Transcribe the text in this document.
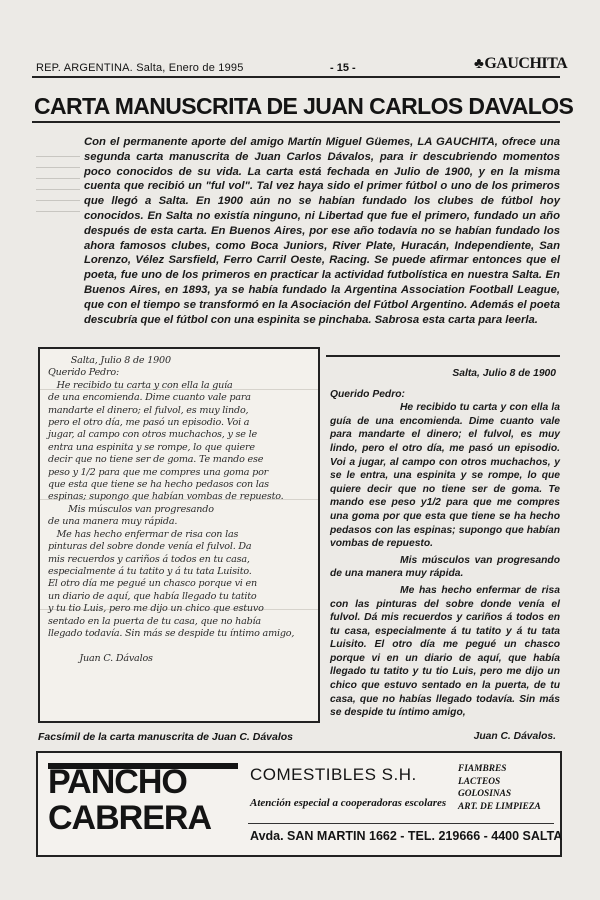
REP. ARGENTINA. Salta, Enero de 1995	- 15 -	♣GAUCHITA
CARTA MANUSCRITA DE JUAN CARLOS DAVALOS
Con el permanente aporte del amigo Martín Miguel Güemes, LA GAUCHITA, ofrece una segunda carta manuscrita de Juan Carlos Dávalos, para ir descubriendo momentos poco conocidos de su vida. La carta está fechada en Julio de 1900, y en la misma cuenta que recibió un "ful vol". Tal vez haya sido el primer fútbol o uno de los primeros que llegó a Salta. En 1900 aún no se habían fundado los clubes de fútbol hoy conocidos. En Salta no existía ninguno, ni Libertad que fue el primero, fundado un año después de esta carta. En Buenos Aires, por ese año todavía no se habían fundado los ahora famosos clubes, como Boca Juniors, River Plate, Huracán, Independiente, San Lorenzo, Vélez Sarsfield, Ferro Carril Oeste, Racing. Se puede afirmar entonces que el poeta, fue uno de los primeros en practicar la actividad futbolística en nuestra Salta. En Buenos Aires, en 1893, ya se había fundado la Argentina Association Football League, que con el tiempo se transformó en la Asociación del Fútbol Argentino. Además el poeta descubría que el fútbol con una espinita se pinchaba. Sabrosa esta carta para leerla.
Salta, Julio 8 de 1900
Querido Pedro:
He recibido tu carta y con ella la guía
de una encomienda. Dime cuanto vale para
mandarte el dinero; el fulvol, es muy lindo,
pero el otro día, me pasó un episodio. Voi a
jugar, al campo con otros muchachos, y se le
entra una espinita y se rompe, lo que quiere
decir que no tiene ser de goma. Te mando ese
peso y 1/2 para que me compres una goma por
que esta que tiene se ha hecho pedasos con las
espinas; supongo que habían vombas de repuesto.
Mis músculos van progresando
de una manera muy rápida.
Me has hecho enfermar de risa con las
pinturas del sobre donde venía el fulvol. Da
mis recuerdos y cariños á todos en tu casa,
especialmente á tu tatito y á tu tata Luisito.
El otro día me pegué un chasco porque vi en
un diario de aquí, que había llegado tu tatito
y tu tio Luis, pero me dijo un chico que estuvo
sentado en la puerta de tu casa, que no había
llegado todavía. Sin más se despide tu íntimo amigo,

Juan C. Dávalos
Facsímil de la carta manuscrita de Juan C. Dávalos
Salta, Julio 8 de 1900
Querido Pedro:

He recibido tu carta y con ella la guía de una encomienda. Dime cuanto vale para mandarte el dinero; el fulvol, es muy lindo, pero el otro día, me pasó un episodio. Voi a jugar, al campo con otros muchachos, y se le entra, una espinita y se rompe, lo que quiere decir que no tiene ser de goma. Te mando ese peso y1/2 para que me compres una goma por que esta que tiene se ha hecho pedasos con las espinas; supongo que habían vombas de repuesto.

Mis músculos van progresando de una manera muy rápida.

Me has hecho enfermar de risa con las pinturas del sobre donde venía el fulvol. Dá mis recuerdos y cariños á todos en tu casa, especialmente á tu tatito y á tu tata Luisito. El otro día me pegué un chasco porque vi en un diario de aquí, que había llegado tu tatito y tu tio Luis, pero me dijo un chico que estuvo sentado en la puerta, de tu casa, que no habías llegado todavía. Sin más se despide tu íntimo amigo,

Juan C. Dávalos.
PANCHO
CABRERA
COMESTIBLES S.H.
Atención especial a cooperadoras escolares
FIAMBRES
LACTEOS
GOLOSINAS
ART. DE LIMPIEZA
Avda. SAN MARTIN 1662 - TEL. 219666 - 4400 SALTA
